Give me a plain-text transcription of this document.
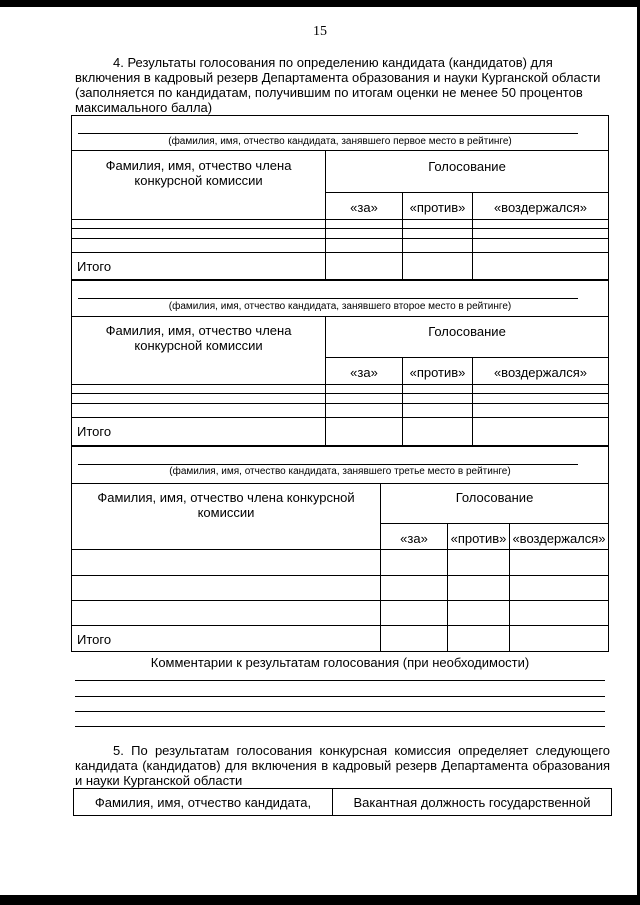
15
4. Результаты голосования по определению кандидата (кандидатов) для
включения в кадровый резерв Департамента образования и науки Курганской области
(заполняется по кандидатам, получившим по итогам оценки не менее 50 процентов
максимального балла)
(фамилия, имя, отчество кандидата, занявшего первое место в рейтинге)
Фамилия, имя, отчество члена
конкурсной комиссии
Голосование
«за»	«против»	«воздержался»
Итого
(фамилия, имя, отчество кандидата, занявшего второе место в рейтинге)
Фамилия, имя, отчество члена
конкурсной комиссии
Голосование
«за»	«против»	«воздержался»
Итого
(фамилия, имя, отчество кандидата, занявшего третье место в рейтинге)
Фамилия, имя, отчество члена конкурсной
комиссии
Голосование
«за»	«против» «воздержался»
Итого
Комментарии к результатам голосования (при необходимости)
5. По результатам голосования конкурсная комиссия определяет следующего кандидата (кандидатов) для включения в кадровый резерв Департамента образования и науки Курганской области
Фамилия, имя, отчество кандидата,	Вакантная должность государственной
